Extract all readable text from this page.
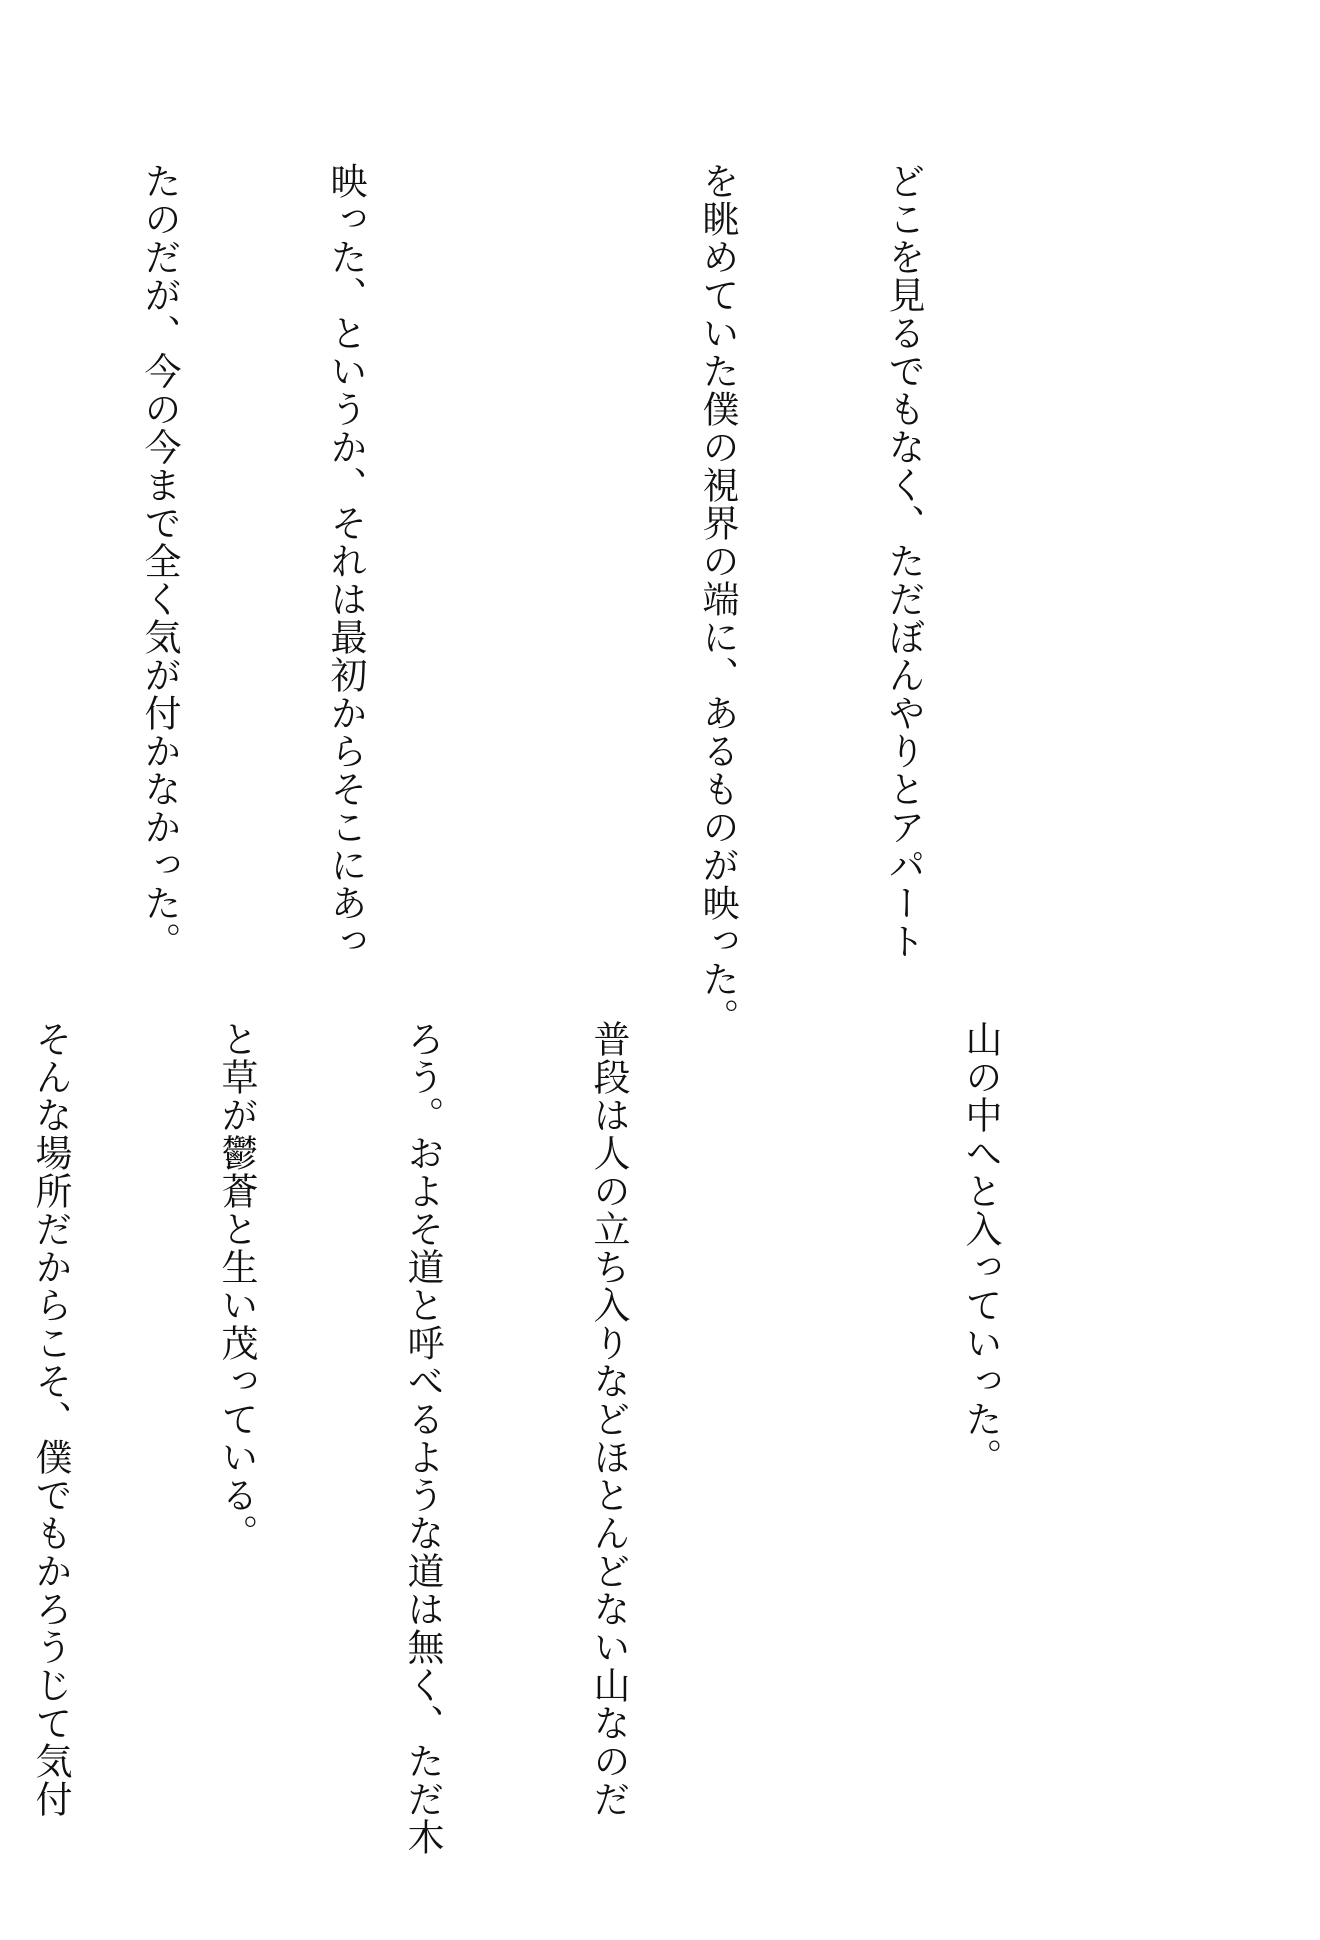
どこを見るでもなく、ただぼんやりとアパート

を眺めていた僕の視界の端に、あるものが映った。

映った、というか、それは最初からそこにあっ

たのだが、今の今まで全く気が付かなかった。

山の中へと入っていった。

普段は人の立ち入りなどほとんどない山なのだ

ろう。およそ道と呼べるような道は無く、ただ木

と草が鬱蒼と生い茂っている。

そんな場所だからこそ、僕でもかろうじて気付
